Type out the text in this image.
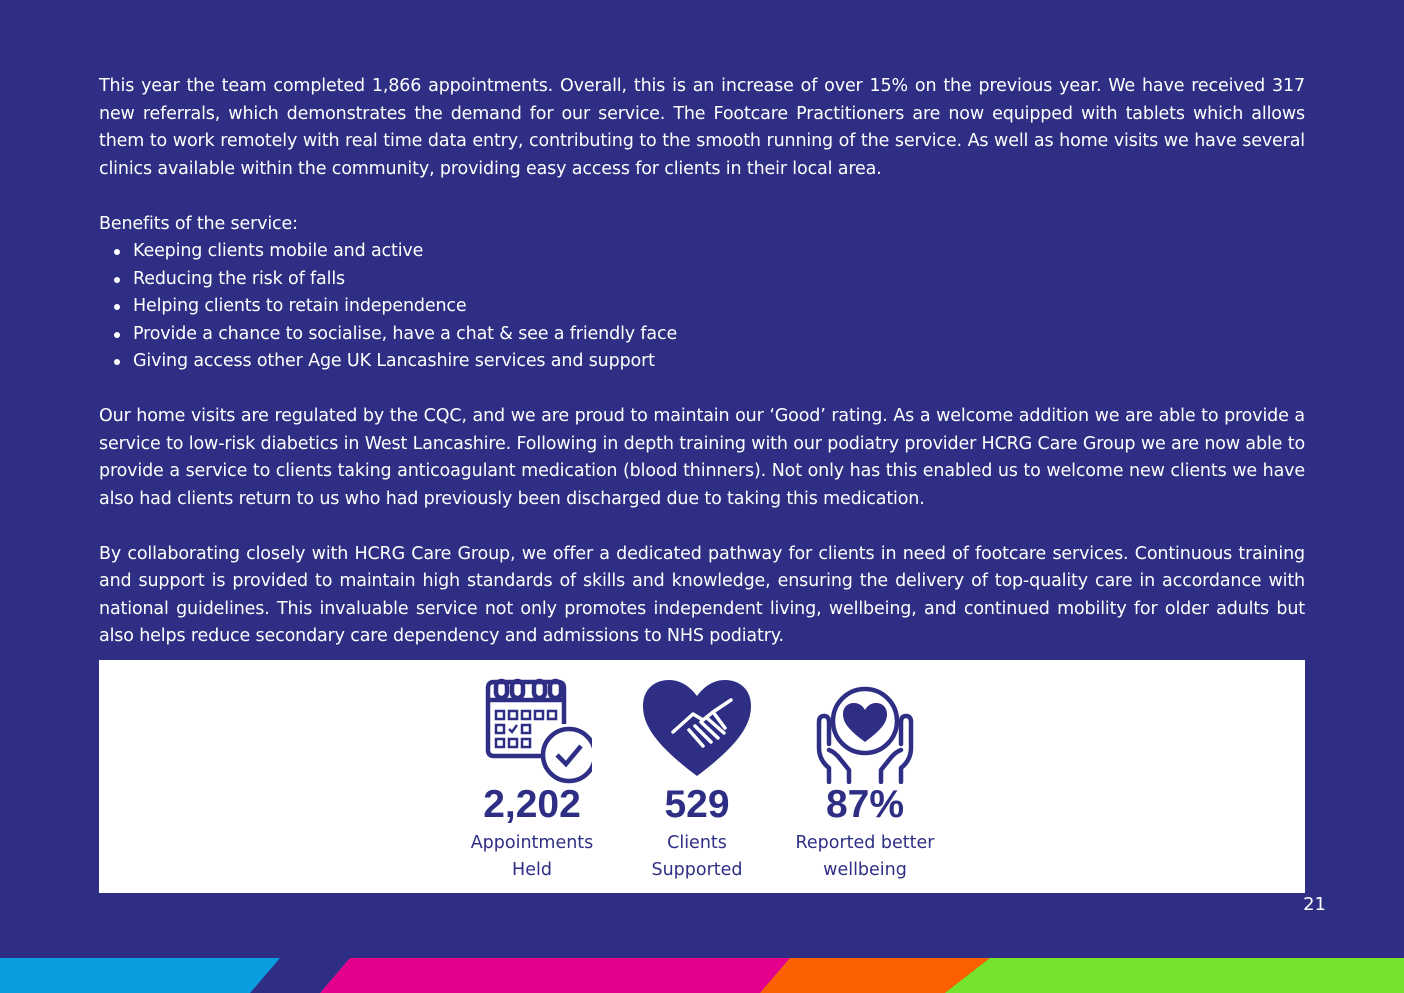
This year the team completed 1,866 appointments. Overall, this is an increase of over 15% on the previous year. We have received 317 new referrals, which demonstrates the demand for our service. The Footcare Practitioners are now equipped with tablets which allows them to work remotely with real time data entry, contributing to the smooth running of the service. As well as home visits we have several clinics available within the community, providing easy access for clients in their local area.

Benefits of the service:

Keeping clients mobile and active
Reducing the risk of falls
Helping clients to retain independence
Provide a chance to socialise, have a chat & see a friendly face
Giving access other Age UK Lancashire services and support

Our home visits are regulated by the CQC, and we are proud to maintain our ‘Good’ rating. As a welcome addition we are able to provide a service to low-risk diabetics in West Lancashire. Following in depth training with our podiatry provider HCRG Care Group we are now able to provide a service to clients taking anticoagulant medication (blood thinners). Not only has this enabled us to welcome new clients we have also had clients return to us who had previously been discharged due to taking this medication.

By collaborating closely with HCRG Care Group, we offer a dedicated pathway for clients in need of footcare services. Continuous training and support is provided to maintain high standards of skills and knowledge, ensuring the delivery of top-quality care in accordance with national guidelines. This invaluable service not only promotes independent living, wellbeing, and continued mobility for older adults but also helps reduce secondary care dependency and admissions to NHS podiatry.

2,202
Appointments
Held
529
Clients
Supported
87%
Reported better
wellbeing
21
